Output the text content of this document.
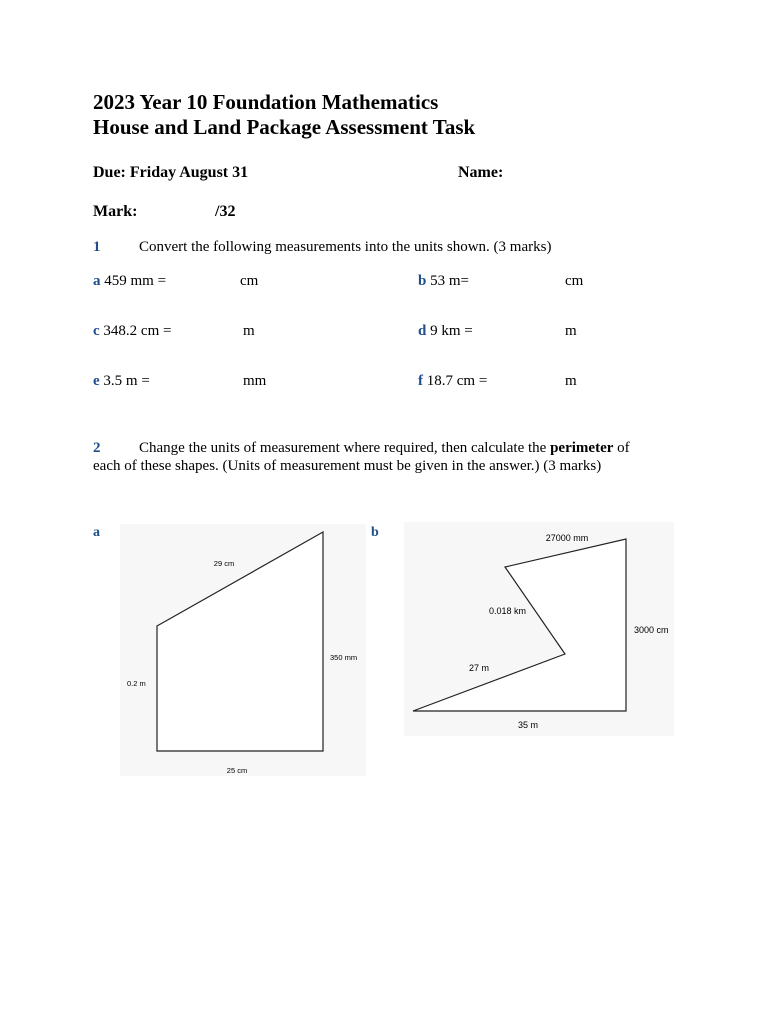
2023 Year 10 Foundation Mathematics
House and Land Package Assessment Task
Due: Friday August 31	Name:
Mark:	/32
1	Convert the following measurements into the units shown. (3 marks)
a 459 mm =	cm	b 53 m=	cm
c 348.2 cm =	m	d 9 km =	m
e 3.5 m =	mm	f 18.7 cm =	m
2	Change the units of measurement where required, then calculate the perimeter of
each of these shapes. (Units of measurement must be given in the answer.) (3 marks)
a	b
29 cm
350 mm
0.2 m
25 cm
27000 mm
0.018 km
3000 cm
27 m
35 m
